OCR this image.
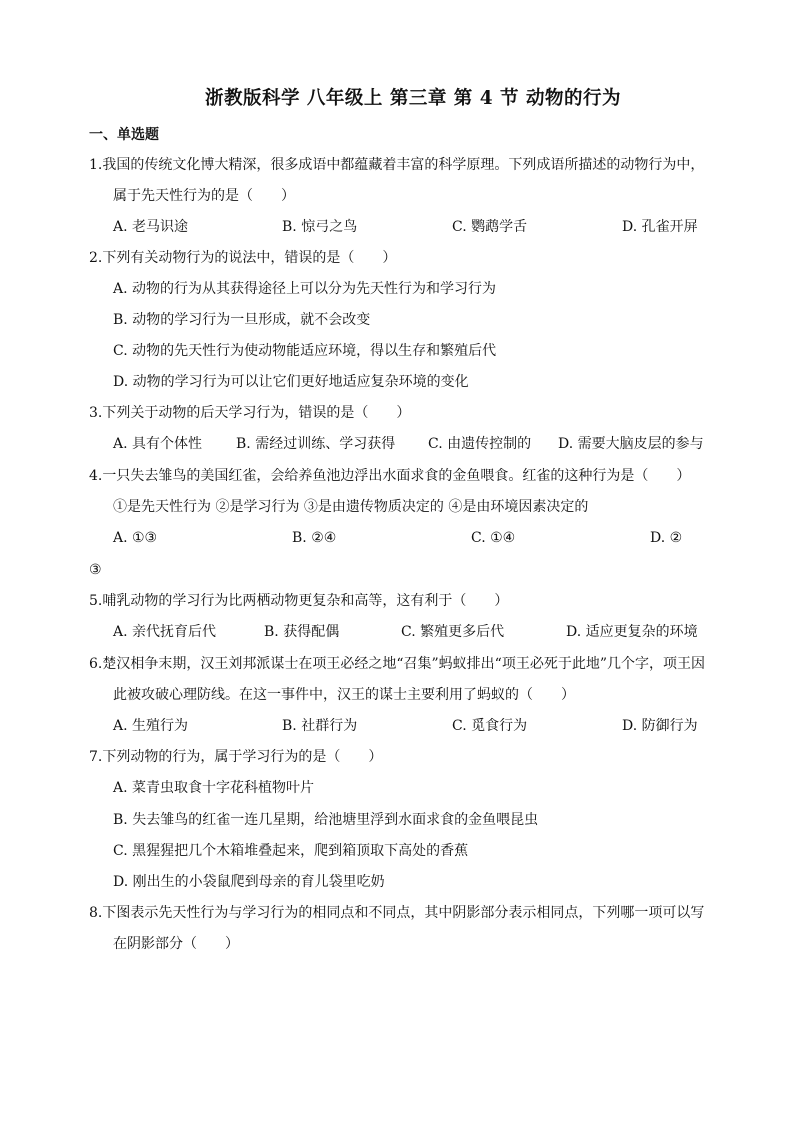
浙教版科学 八年级上 第三章 第 4 节 动物的行为
一、单选题
1.我国的传统文化博大精深，很多成语中都蕴藏着丰富的科学原理。下列成语所描述的动物行为中，
属于先天性行为的是（　　）
A. 老马识途	B. 惊弓之鸟	C. 鹦鹉学舌	D. 孔雀开屏
2.下列有关动物行为的说法中，错误的是（　　）
A. 动物的行为从其获得途径上可以分为先天性行为和学习行为
B. 动物的学习行为一旦形成，就不会改变
C. 动物的先天性行为使动物能适应环境，得以生存和繁殖后代
D. 动物的学习行为可以让它们更好地适应复杂环境的变化
3.下列关于动物的后天学习行为，错误的是（　　）
A. 具有个体性 B. 需经过训练、学习获得 C. 由遗传控制的 D. 需要大脑皮层的参与
4.一只失去雏鸟的美国红雀，会给养鱼池边浮出水面求食的金鱼喂食。红雀的这种行为是（　　）
①是先天性行为 ②是学习行为 ③是由遗传物质决定的 ④是由环境因素决定的
A. ①③	B. ②④	C. ①④	D. ②
③
5.哺乳动物的学习行为比两栖动物更复杂和高等，这有利于（　　）
A. 亲代抚育后代	B. 获得配偶	C. 繁殖更多后代	D. 适应更复杂的环境
6.楚汉相争末期，汉王刘邦派谋士在项王必经之地“召集”蚂蚁排出“项王必死于此地”几个字，项王因
此被攻破心理防线。在这一事件中，汉王的谋士主要利用了蚂蚁的（　　）
A. 生殖行为	B. 社群行为	C. 觅食行为	D. 防御行为
7.下列动物的行为，属于学习行为的是（　　）
A. 菜青虫取食十字花科植物叶片
B. 失去雏鸟的红雀一连几星期，给池塘里浮到水面求食的金鱼喂昆虫
C. 黑猩猩把几个木箱堆叠起来，爬到箱顶取下高处的香蕉
D. 刚出生的小袋鼠爬到母亲的育儿袋里吃奶
8.下图表示先天性行为与学习行为的相同点和不同点，其中阴影部分表示相同点，下列哪一项可以写
在阴影部分（　　）
